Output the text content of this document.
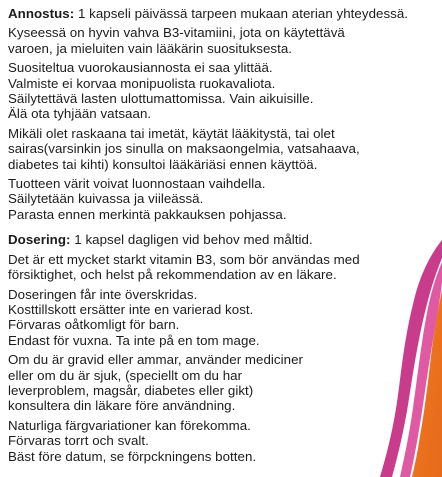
Annostus: 1 kapseli päivässä tarpeen mukaan aterian yhteydessä.
Kyseessä on hyvin vahva B3-vitamiini, jota on käytettävä
varoen, ja mieluiten vain lääkärin suosituksesta.
Suositeltua vuorokausiannosta ei saa ylittää.
Valmiste ei korvaa monipuolista ruokavaliota.
Säilytettävä lasten ulottumattomissa. Vain aikuisille.
Älä ota tyhjään vatsaan.
Mikäli olet raskaana tai imetät, käytät lääkitystä, tai olet
sairas(varsinkin jos sinulla on maksaongelmia, vatsahaava,
diabetes tai kihti) konsultoi lääkäriäsi ennen käyttöä.
Tuotteen värit voivat luonnostaan vaihdella.
Säilytetään kuivassa ja viileässä.
Parasta ennen merkintä pakkauksen pohjassa.
Dosering: 1 kapsel dagligen vid behov med måltid.
Det är ett mycket starkt vitamin B3, som bör användas med
försiktighet, och helst på rekommendation av en läkare.
Doseringen får inte överskridas.
Kosttillskott ersätter inte en varierad kost.
Förvaras oåtkomligt för barn.
Endast för vuxna. Ta inte på en tom mage.
Om du är gravid eller ammar, använder mediciner
eller om du är sjuk, (speciellt om du har
leverproblem, magsår, diabetes eller gikt)
konsultera din läkare före användning.
Naturliga färgvariationer kan förekomma.
Förvaras torrt och svalt.
Bäst före datum, se förpckningens botten.
